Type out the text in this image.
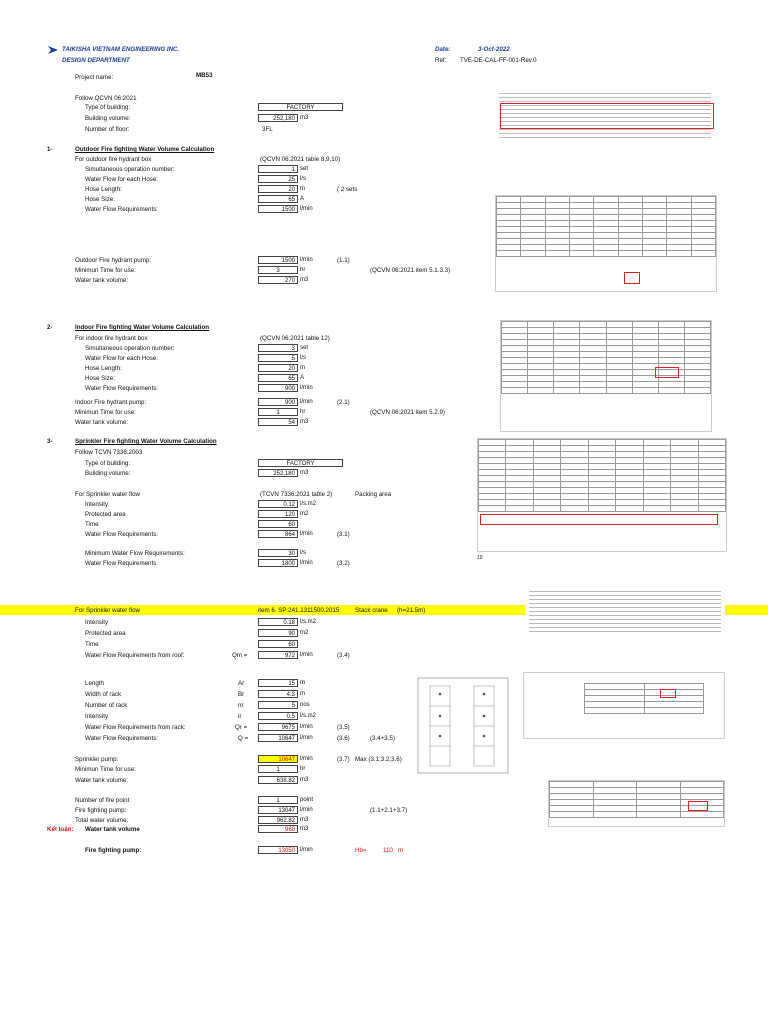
TAIKISHA VIETNAM ENGINEERING INC.
DESIGN DEPARTMENT
Date:	3-Oct-2022
Ref: TVE-DE-CAL-FF-001-Rev.0
Project name:	MB53
Follow QCVN 06:2021
Type of building:	FACTORY
Building volume:	252,180 m3
Number of floor:	3FL
1-	Outdoor Fire fighting Water Volume Calculation
For outdoor fire hydrant box	(QCVN 06:2021 table 8,9,10)
Simultaneous operation number:	1 set
Water Flow for each Hose:	25 l/s
Hose Length:	20 m	( 2 sets
Hose Size:	65 A
Water Flow Requirements:	1500 l/min
Outdoor Fire hydrant pump:	1500 l/min	(1.1)
Minimun Time for use:	3	hr	(QCVN 06:2021 item 5.1.3.3)
Water tank volume:	270 m3
2-	Indoor Fire fighting Water Volume Calculation
For indoor fire hydrant box	(QCVN 06:2021 table 12)
Simultaneous operation number:	3 set
Water Flow for each Hose:	5 l/s
Hose Length:	20 m
Hose Size:	65 A
Water Flow Requirements:	900 l/min
Indoor Fire hydrant pump:	900 l/min	(2.1)
Minimun Time for use:	1	hr	(QCVN 06:2021 item 5.2.9)
Water tank volume:	54 m3
3-	Sprinkler Fire fighting Water Volume Calculation
Follow TCVN 7336:2003
Type of building:	FACTORY
Building volume:	252,180 m3
For Sprinkler water flow	(TCVN 7336:2021 table 2)	Packing area
Intensity	0.12 l/s.m2
Protected area	120 m2
Time	60
Water Flow Requirements:	864 l/min	(3.1)
Minimum Water Flow Requirements:	30 l/s
Water Flow Requirements:	1800 l/min	(3.2)
10
For Sprinkler water flow	item 6. SP 241.1311500.2015	Stack crane (h=21.5m)
Intensity	0.18 l/s.m2
Protected area	90 m2
Time	60
Water Flow Requirements from roof:	Qm =	972 l/min	(3.4)
Length	Ar	15 m
Width of rack	Br	4.3 m
Number of rack	nr	5 nos
Intensity	ir	0.5 l/s.m2
Water Flow Requirements from rack:	Qr =	9675 l/min	(3.5)
Water Flow Requirements:	Q =	10647 l/min	(3.6)	(3.4+3.5)
Sprinkler pump:	10647 l/min	(3.7) Max (3.1;3.2;3.6)
Minimun Time for use:	1	hr
Water tank volume:	638.82 m3
Number of fire point	1	point
Fire fighting pump:	13047 l/min	(1.1+2.1+3.7)
Total water volume:	962.82 m3
Kết luận: Water tank volume	960 m3
Fire fighting pump:	13050 l/min	Hb=	110 m
